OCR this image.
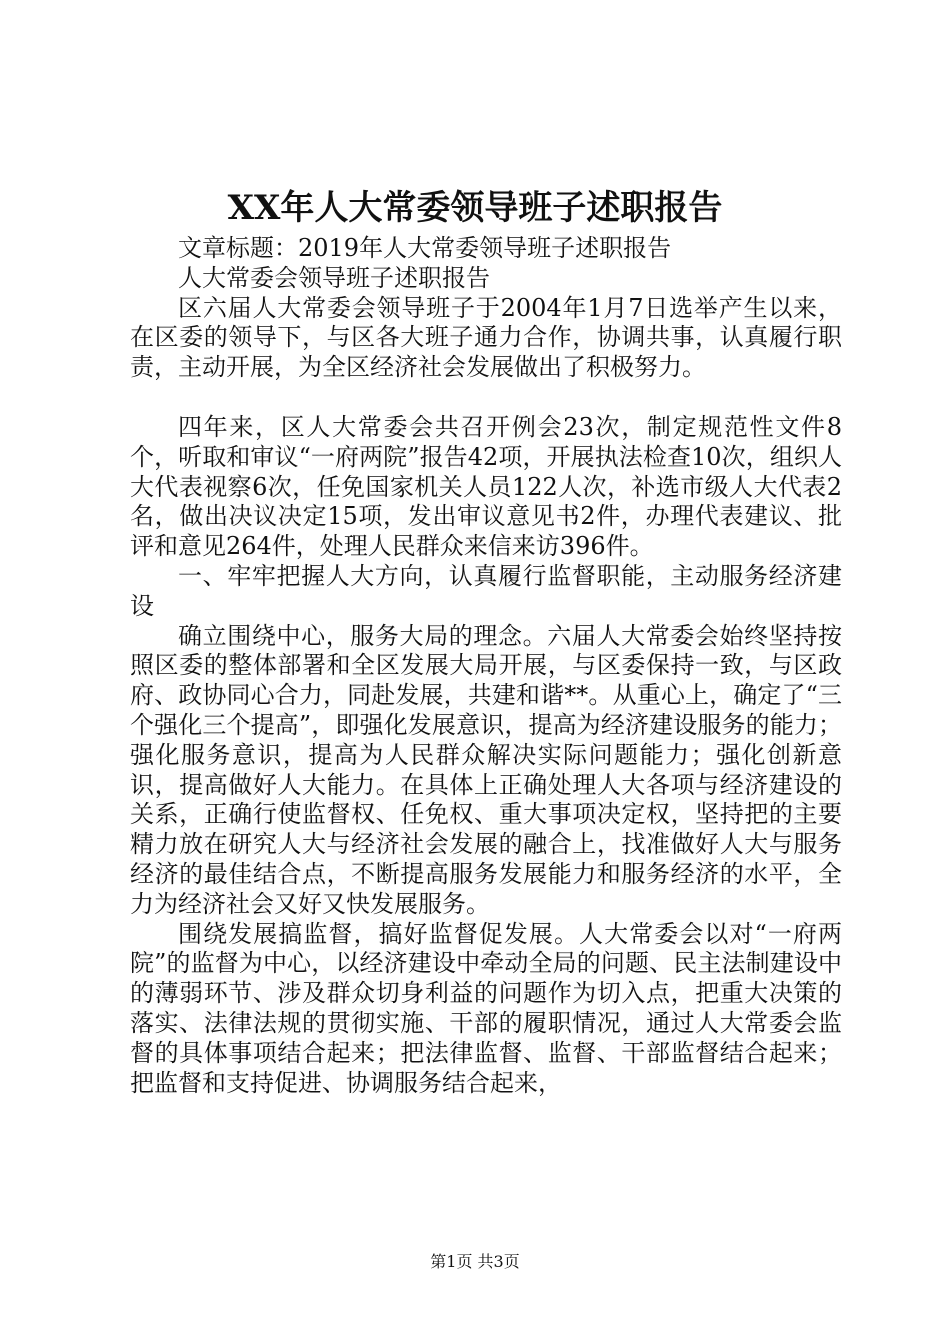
XX年人大常委领导班子述职报告

文章标题：2019年人大常委领导班子述职报告

人大常委会领导班子述职报告

区六届人大常委会领导班子于2004年1月7日选举产生以来，在区委的领导下，与区各大班子通力合作，协调共事，认真履行职责，主动开展，为全区经济社会发展做出了积极努力。

四年来，区人大常委会共召开例会23次，制定规范性文件8个，听取和审议“一府两院”报告42项，开展执法检查10次，组织人大代表视察6次，任免国家机关人员122人次，补选市级人大代表2名，做出决议决定15项，发出审议意见书2件，办理代表建议、批评和意见264件，处理人民群众来信来访396件。

一、牢牢把握人大方向，认真履行监督职能，主动服务经济建设

确立围绕中心，服务大局的理念。六届人大常委会始终坚持按照区委的整体部署和全区发展大局开展，与区委保持一致，与区政府、政协同心合力，同赴发展，共建和谐**。从重心上，确定了“三个强化三个提高”，即强化发展意识，提高为经济建设服务的能力；强化服务意识，提高为人民群众解决实际问题能力；强化创新意识，提高做好人大能力。在具体上正确处理人大各项与经济建设的关系，正确行使监督权、任免权、重大事项决定权，坚持把的主要精力放在研究人大与经济社会发展的融合上，找准做好人大与服务经济的最佳结合点，不断提高服务发展能力和服务经济的水平，全力为经济社会又好又快发展服务。

围绕发展搞监督，搞好监督促发展。人大常委会以对“一府两院”的监督为中心，以经济建设中牵动全局的问题、民主法制建设中的薄弱环节、涉及群众切身利益的问题作为切入点，把重大决策的落实、法律法规的贯彻实施、干部的履职情况，通过人大常委会监督的具体事项结合起来；把法律监督、监督、干部监督结合起来；把监督和支持促进、协调服务结合起来，

第1页 共3页
